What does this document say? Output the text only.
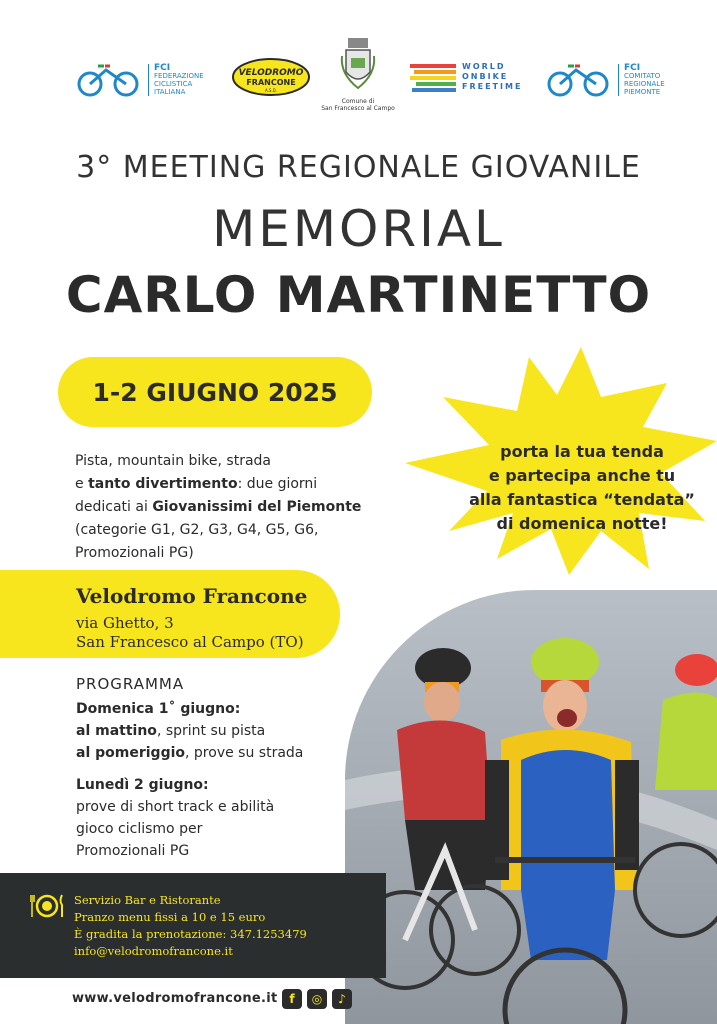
FCI
FEDERAZIONE
CICLISTICA
ITALIANA
VELODROMO
FRANCONE
A.S.D.
Comune di
San Francesco al Campo
WORLD
ONBIKE
FREETIME
FCI
COMITATO
REGIONALE
PIEMONTE
3° MEETING REGIONALE GIOVANILE
MEMORIAL
CARLO MARTINETTO
1-2 GIUGNO 2025
porta la tua tenda
e partecipa anche tu
alla fantastica “tendata”
di domenica notte!
Pista, mountain bike, strada
e tanto divertimento: due giorni
dedicati ai Giovanissimi del Piemonte
(categorie G1, G2, G3, G4, G5, G6,
Promozionali PG)
Velodromo Francone
via Ghetto, 3
San Francesco al Campo (TO)
PROGRAMMA
Domenica 1˚ giugno:
al mattino, sprint su pista
al pomeriggio, prove su strada
Lunedì 2 giugno:
prove di short track e abilità
gioco ciclismo per
Promozionali PG
Servizio Bar e Ristorante
Pranzo menu fissi a 10 e 15 euro
È gradita la prenotazione: 347.1253479
info@velodromofrancone.it
www.velodromofrancone.it f	◎	♪
